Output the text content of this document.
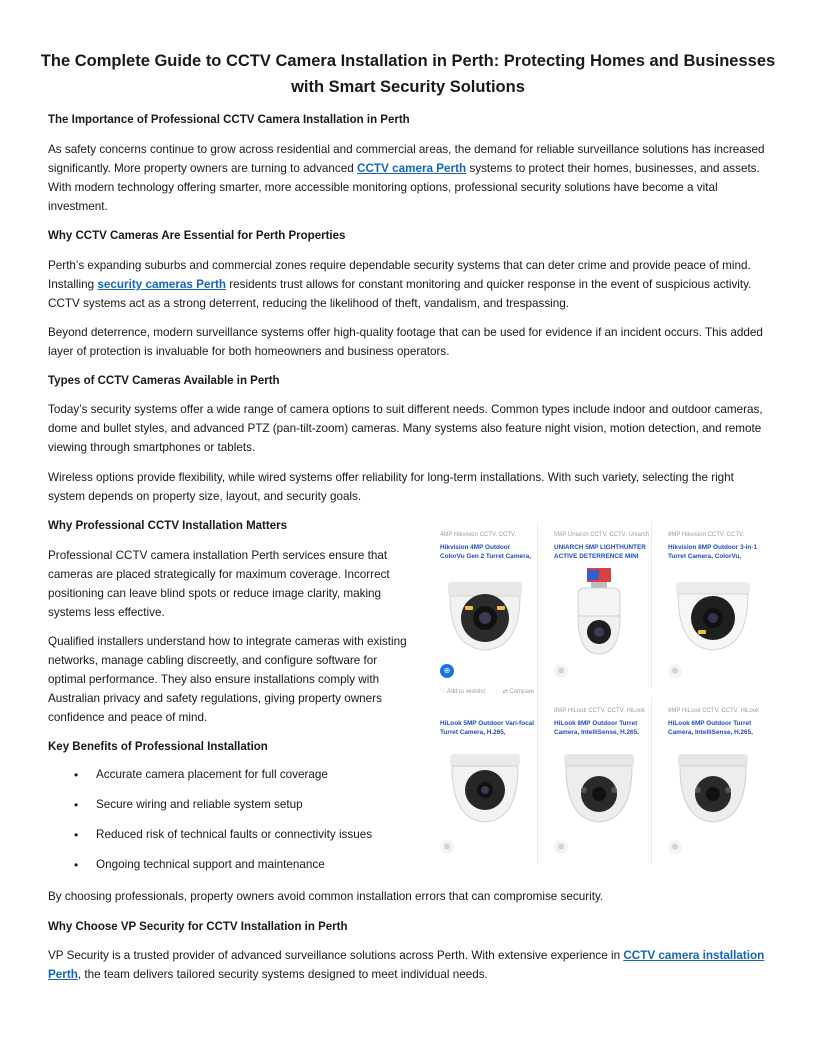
The Complete Guide to CCTV Camera Installation in Perth: Protecting Homes and Businesses with Smart Security Solutions
The Importance of Professional CCTV Camera Installation in Perth

As safety concerns continue to grow across residential and commercial areas, the demand for reliable surveillance solutions has increased significantly. More property owners are turning to advanced CCTV camera Perth systems to protect their homes, businesses, and assets. With modern technology offering smarter, more accessible monitoring options, professional security solutions have become a vital investment.

Why CCTV Cameras Are Essential for Perth Properties

Perth’s expanding suburbs and commercial zones require dependable security systems that can deter crime and provide peace of mind. Installing security cameras Perth residents trust allows for constant monitoring and quicker response in the event of suspicious activity. CCTV systems act as a strong deterrent, reducing the likelihood of theft, vandalism, and trespassing.

Beyond deterrence, modern surveillance systems offer high-quality footage that can be used for evidence if an incident occurs. This added layer of protection is invaluable for both homeowners and business operators.

Types of CCTV Cameras Available in Perth

Today’s security systems offer a wide range of camera options to suit different needs. Common types include indoor and outdoor cameras, dome and bullet styles, and advanced PTZ (pan-tilt-zoom) cameras. Many systems also feature night vision, motion detection, and remote viewing through smartphones or tablets.

Wireless options provide flexibility, while wired systems offer reliability for long-term installations. With such variety, selecting the right system depends on property size, layout, and security goals.

Why Professional CCTV Installation Matters

Professional CCTV camera installation Perth services ensure that cameras are placed strategically for maximum coverage. Incorrect positioning can leave blind spots or reduce image clarity, making systems less effective.

Qualified installers understand how to integrate cameras with existing networks, manage cabling discreetly, and configure software for optimal performance. They also ensure installations comply with Australian privacy and safety regulations, giving property owners confidence and peace of mind.

Key Benefits of Professional Installation
• Accurate camera placement for full coverage
• Secure wiring and reliable system setup
• Reduced risk of technical faults or connectivity issues
• Ongoing technical support and maintenance

By choosing professionals, property owners avoid common installation errors that can compromise security.

Why Choose VP Security for CCTV Installation in Perth

VP Security is a trusted provider of advanced surveillance solutions across Perth. With extensive experience in CCTV camera installation Perth, the team delivers tailored security systems designed to meet individual needs.

4MP Hikvision CCTV, CCTV,
Hikvision 4MP Outdoor ColorVu Gen 2 Turret Camera,
⊕
♡ Add to wishlist	⇄ Compare
5MP Uniarch CCTV, CCTV, Uniarch
UNIARCH 5MP LIGHTHUNTER ACTIVE DETERRENCE MINI
⊕
8MP Hikvision CCTV, CCTV,
Hikvision 8MP Outdoor 3-in-1 Turret Camera, ColorVu,
⊕
HiLook 5MP Outdoor Vari-focal Turret Camera, H.265,
⊕
8MP HiLook CCTV, CCTV, HiLook
HiLook 8MP Outdoor Turret Camera, IntelliSense, H.265,
⊕
6MP HiLook CCTV, CCTV, HiLook
HiLook 6MP Outdoor Turret Camera, IntelliSense, H.265,
⊕
